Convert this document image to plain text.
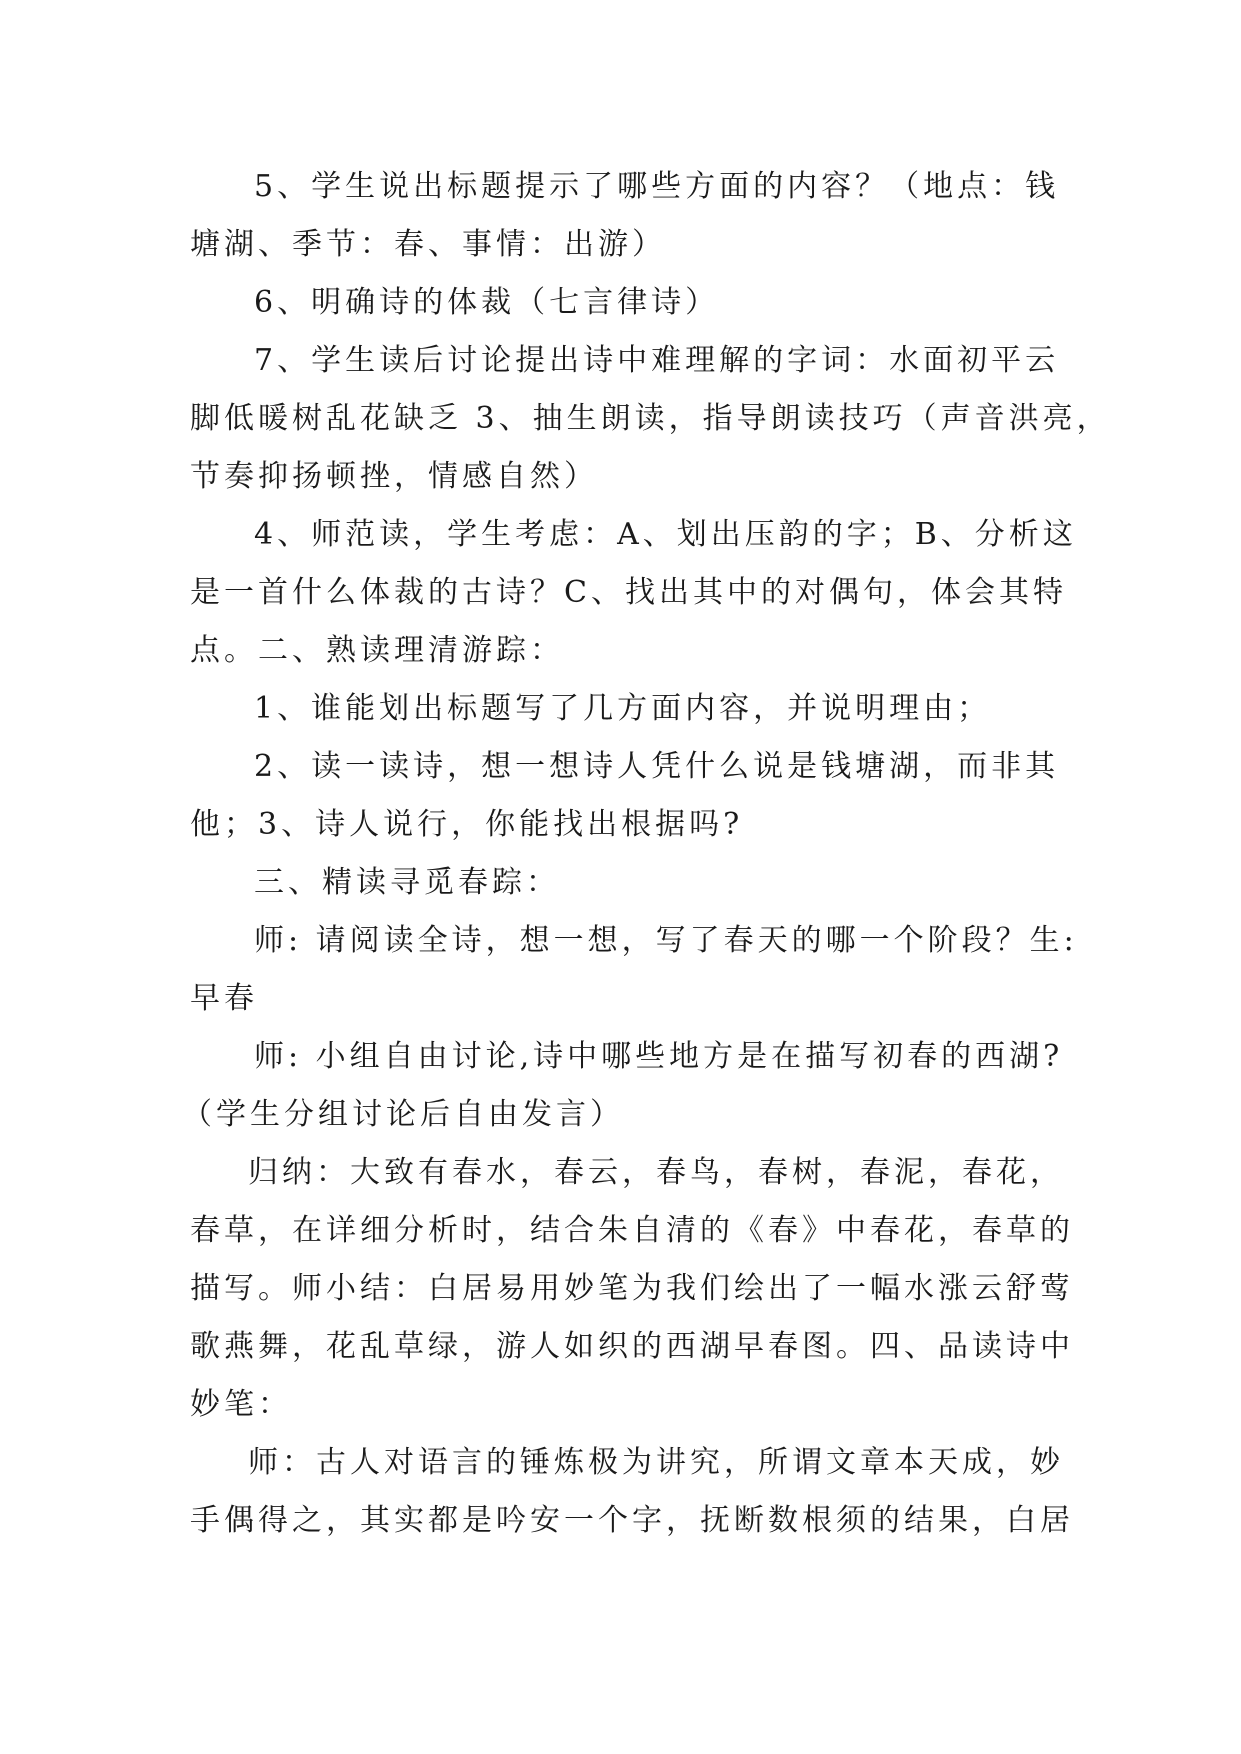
5、学生说出标题提示了哪些方面的内容？（地点：钱
塘湖、季节：春、事情：出游）

6、明确诗的体裁（七言律诗）

7、学生读后讨论提出诗中难理解的字词：水面初平云
脚低暖树乱花缺乏 3、抽生朗读，指导朗读技巧（声音洪亮，
节奏抑扬顿挫，情感自然）

4、师范读，学生考虑：A、划出压韵的字；B、分析这
是一首什么体裁的古诗？C、找出其中的对偶句，体会其特
点。二、熟读理清游踪：

1、谁能划出标题写了几方面内容，并说明理由；

2、读一读诗，想一想诗人凭什么说是钱塘湖，而非其
他；3、诗人说行，你能找出根据吗?

三、精读寻觅春踪：

师: 请阅读全诗，想一想，写了春天的哪一个阶段？生:
早春

师: 小组自由讨论,诗中哪些地方是在描写初春的西湖?
（学生分组讨论后自由发言）

归纳：大致有春水，春云，春鸟，春树，春泥，春花，
春草，在详细分析时，结合朱自清的《春》中春花，春草的
描写。师小结：白居易用妙笔为我们绘出了一幅水涨云舒莺
歌燕舞，花乱草绿，游人如织的西湖早春图。四、品读诗中
妙笔：

师：古人对语言的锤炼极为讲究，所谓文章本天成，妙
手偶得之，其实都是吟安一个字，抚断数根须的结果，白居
